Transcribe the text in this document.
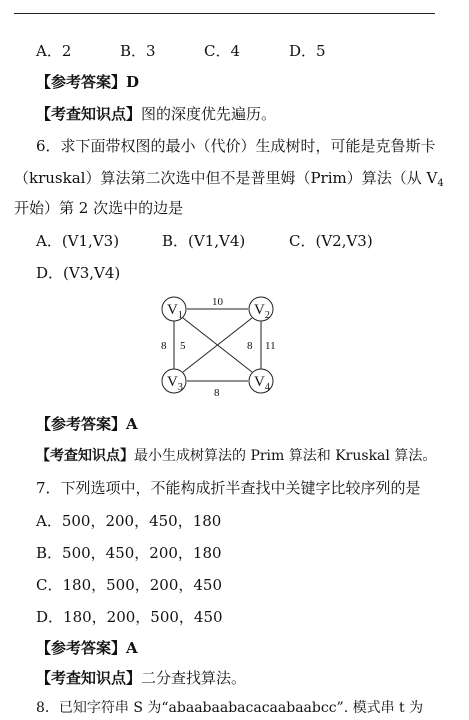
A．2	B．3	C．4	D．5
【参考答案】D
【考查知识点】图的深度优先遍历。
6．求下面带权图的最小（代价）生成树时，可能是克鲁斯卡
（kruskal）算法第二次选中但不是普里姆（Prim）算法（从 $V_4$
开始）第 2 次选中的边是
A．(V1,V3)	B．(V1,V4)	C．(V2,V3)
D．(V3,V4)
$V_1$	$V_2$
$V_3$	$V_4$
10
8 5	8 11
8
【参考答案】A
【考查知识点】最小生成树算法的 Prim 算法和 Kruskal 算法。
7．下列选项中，不能构成折半查找中关键字比较序列的是
A．500，200，450，180
B．500，450，200，180
C．180，500，200，450
D．180，200，500，450
【参考答案】A
【考查知识点】二分查找算法。
8．已知字符串 S 为“abaabaabacacaabaabcc”. 模式串 t 为
